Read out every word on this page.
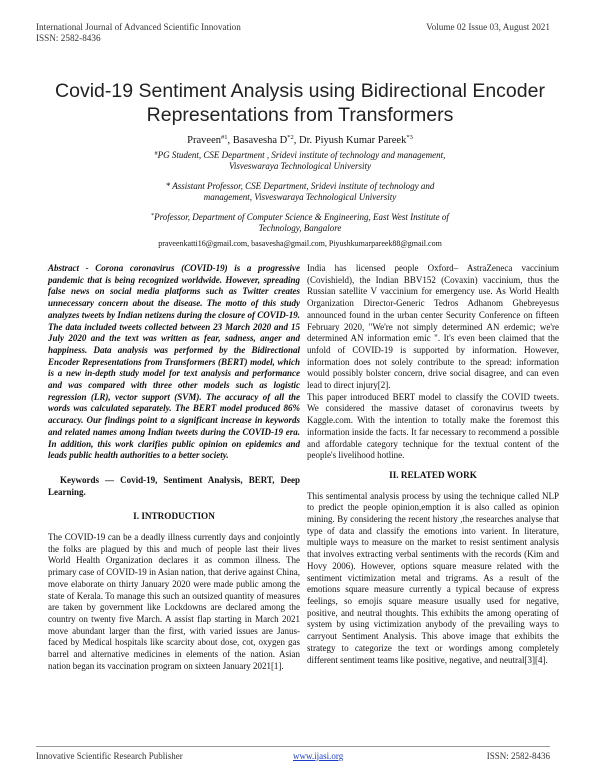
International Journal of Advanced Scientific Innovation
ISSN: 2582-8436
Volume 02 Issue 03, August 2021
Covid-19 Sentiment Analysis using Bidirectional Encoder Representations from Transformers
Praveen$^{\#1}$, Basavesha $D^{*2}$, Dr. Piyush Kumar Pareek$^{*3}$
#PG Student, CSE Department , Sridevi institute of technology and management, Visveswaraya Technological University
* Assistant Professor, CSE Department, Sridevi institute of technology and management, Visveswaraya Technological University
*Professor, Department of Computer Science & Engineering, East West Institute of Technology, Bangalore
praveenkatti16@gmail.com, basavesha@gmail.com, Piyushkumarpareek88@gmail.com

Abstract - Corona coronavirus (COVID-19) is a progressive pandemic that is being recognized worldwide. However, spreading false news on social media platforms such as Twitter creates unnecessary concern about the disease. The motto of this study analyzes tweets by Indian netizens during the closure of COVID-19. The data included tweets collected between 23 March 2020 and 15 July 2020 and the text was written as fear, sadness, anger and happiness. Data analysis was performed by the Bidirectional Encoder Representations from Transformers (BERT) model, which is a new in-depth study model for text analysis and performance and was compared with three other models such as logistic regression (LR), vector support (SVM). The accuracy of all the words was calculated separately. The BERT model produced 86% accuracy. Our findings point to a significant increase in keywords and related names among Indian tweets during the COVID-19 era. In addition, this work clarifies public opinion on epidemics and leads public health authorities to a better society.

Keywords — Covid-19, Sentiment Analysis, BERT, Deep Learning.

I. INTRODUCTION

The COVID-19 can be a deadly illness currently days and conjointly the folks are plagued by this and much of people last their lives World Health Organization declares it as common illness. The primary case of COVID-19 in Asian nation, that derive against China, move elaborate on thirty January 2020 were made public among the state of Kerala. To manage this such an outsized quantity of measures are taken by government like Lockdowns are declared among the country on twenty five March. A assist flap starting in March 2021 move abundant larger than the first, with varied issues are Janus-faced by Medical hospitals like scarcity about dose, cot, oxygen gas barrel and alternative medicines in elements of the nation. Asian nation began its vaccination program on sixteen January 2021[1].

India has licensed people Oxford– AstraZeneca vaccinium (Covishield), the Indian BBV152 (Covaxin) vaccinium, thus the Russian satellite V vaccinium for emergency use. As World Health Organization Director-Generic Tedros Adhanom Ghebreyesus announced found in the urban center Security Conference on fifteen February 2020, "We're not simply determined AN erdemic; we're determined AN information emic ". It's even been claimed that the unfold of COVID-19 is supported by information. However, information does not solely contribute to the spread: information would possibly bolster concern, drive social disagree, and can even lead to direct injury[2].

This paper introduced BERT model to classify the COVID tweets. We considered the massive dataset of coronavirus tweets by Kaggle.com. With the intention to totally make the foremost this information inside the facts. It far necessary to recommend a possible and affordable category technique for the textual content of the people's livelihood hotline.

II. RELATED WORK

This sentimental analysis process by using the technique called NLP to predict the people opinion,emption it is also called as opinion mining. By considering the recent history ,the researches analyse that type of data and classify the emotions into varient. In literature, multiple ways to measure on the market to resist sentiment analysis that involves extracting verbal sentiments with the records (Kim and Hovy 2006). However, options square measure related with the sentiment victimization metal and trigrams. As a result of the emotions square measure currently a typical because of express feelings, so emojis square measure usually used for negative, positive, and neutral thoughts. This exhibits the among operating of system by using victimization anybody of the prevailing ways to carryout Sentiment Analysis. This above image that exhibits the strategy to categorize the text or wordings among completely different sentiment teams like positive, negative, and neutral[3][4].

Innovative Scientific Research Publisher	www.ijasi.org	ISSN: 2582-8436
